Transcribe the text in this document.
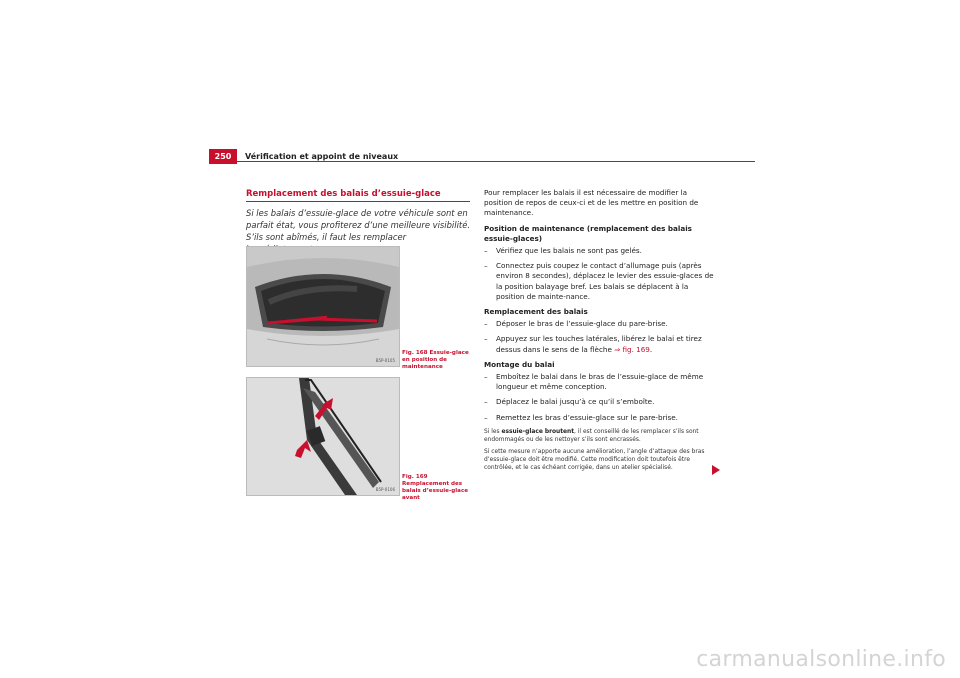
250	Vérification et appoint de niveaux
Remplacement des balais d’essuie-glace
Si les balais d’essuie-glace de votre véhicule sont en parfait état, vous profiterez d’une meilleure visibilité. S’ils sont abîmés, il faut les remplacer
B5P-0105
Fig. 168 Essuie-glace en position de maintenance
B5P-0106
Fig. 169 Remplacement des balais d’essuie-glace avant

Pour remplacer les balais il est nécessaire de modifier la position de repos de ceux-ci et de les mettre en position de maintenance.

Position de maintenance (remplacement des balais essuie-glaces)
–	Vérifiez que les balais ne sont pas gelés.
–	Connectez puis coupez le contact d’allumage puis (après environ 8 secondes), déplacez le levier des essuie-glaces de la position balayage bref. Les balais se déplacent à la position de mainte-nance.
Remplacement des balais
–	Déposer le bras de l’essuie-glace du pare-brise.
–	Appuyez sur les touches latérales, libérez le balai et tirez dessus dans le sens de la flèche ⇒ fig. 169.
Montage du balai
–	Emboîtez le balai dans le bras de l’essuie-glace de même longueur et même conception.
–	Déplacez le balai jusqu’à ce qu’il s’emboîte.
–	Remettez les bras d’essuie-glace sur le pare-brise.

Si les essuie-glace broutent, il est conseillé de les remplacer s’ils sont endommagés ou de les nettoyer s’ils sont encrassés.

Si cette mesure n’apporte aucune amélioration, l’angle d’attaque des bras d’essuie-glace doit être modifié. Cette modification doit toutefois être contrôlée, et le cas échéant corrigée, dans un atelier spécialisé.

carmanualsonline.info
